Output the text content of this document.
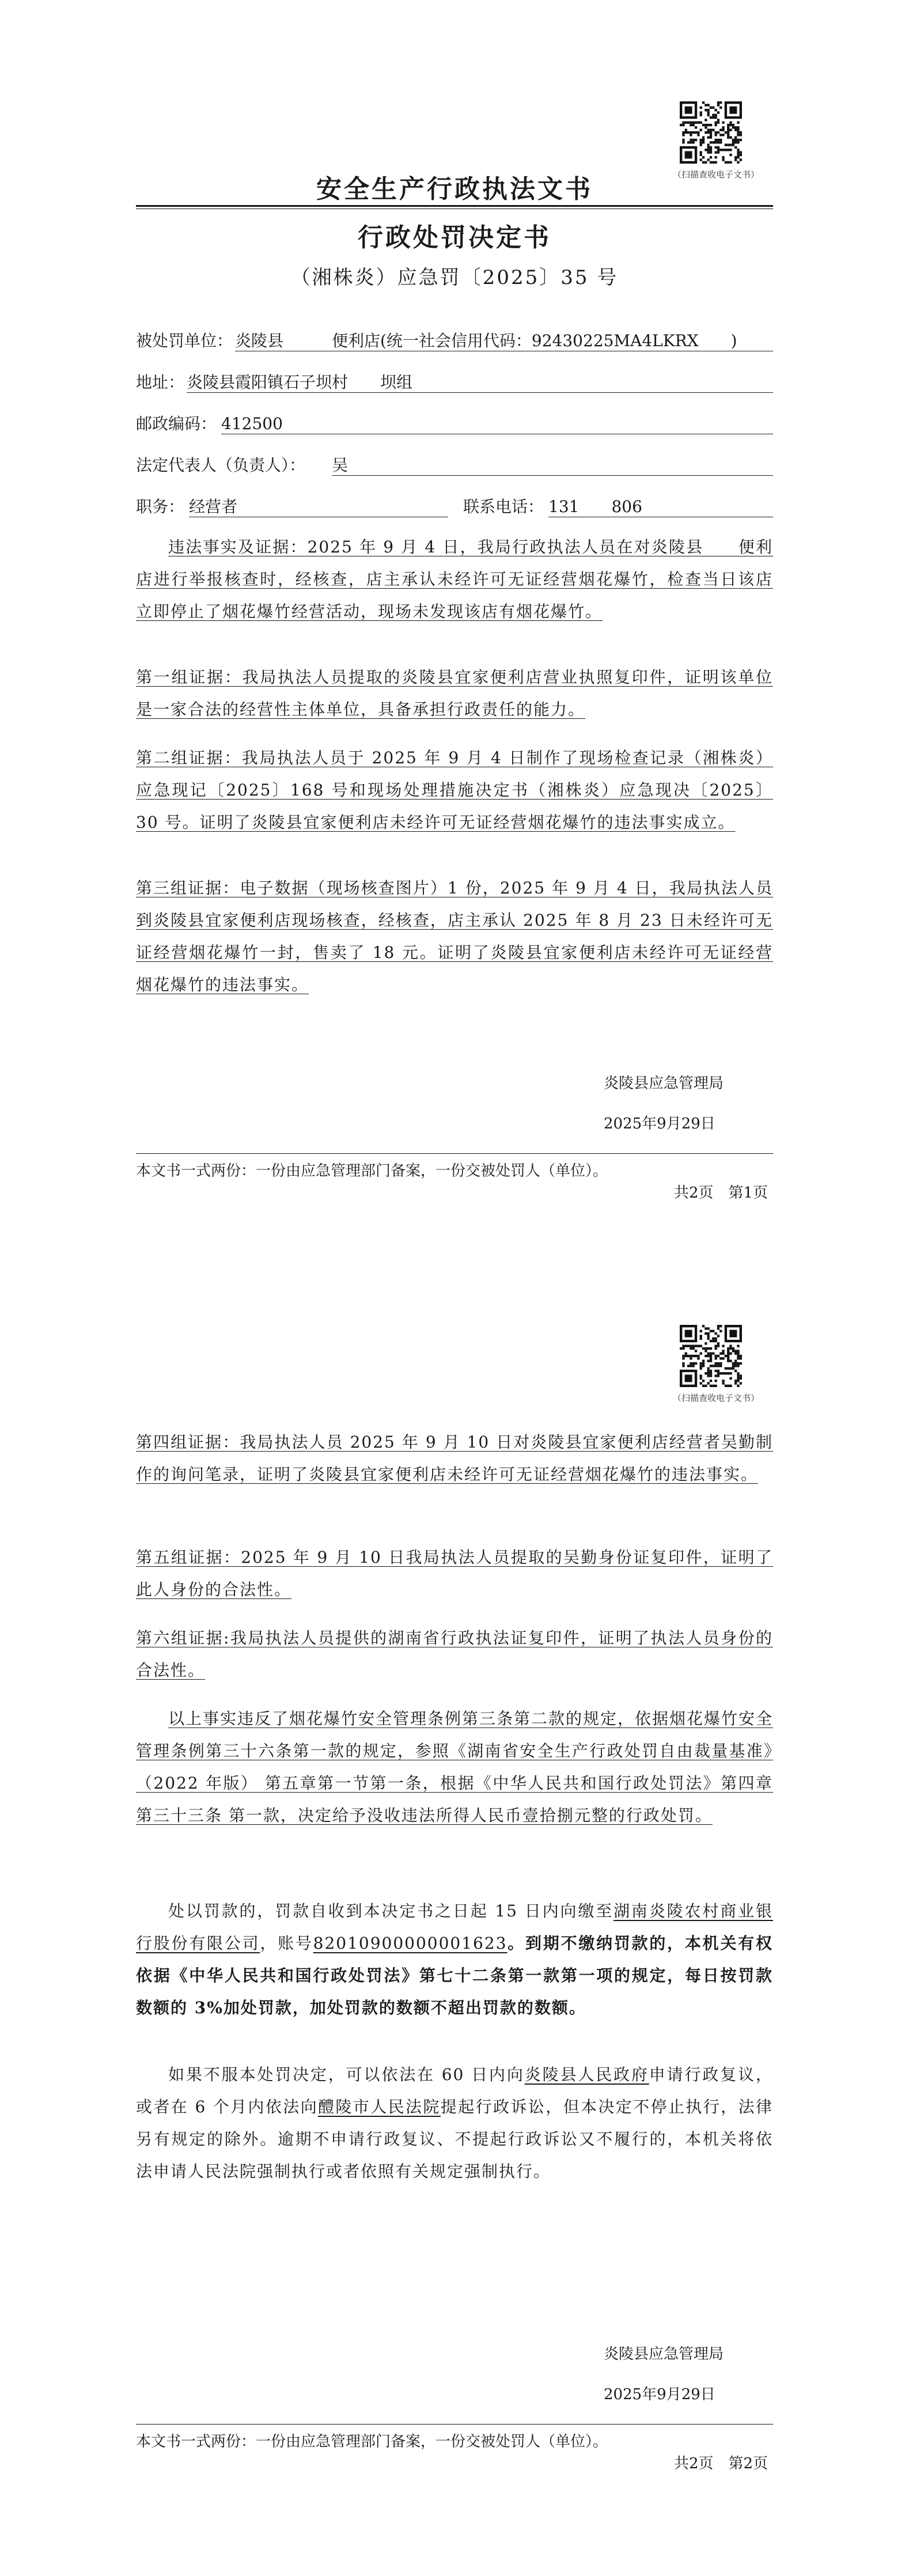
（扫描查收电子文书）
安全生产行政执法文书
行政处罚决定书
（湘株炎）应急罚〔2025〕35 号
被处罚单位： 炎陵县　　　便利店(统一社会信用代码：92430225MA4LKRX　　)
地址： 炎陵县霞阳镇石子坝村　　坝组
邮政编码： 412500
法定代表人（负责人）： 吴
职务： 经营者	联系电话： 131　　806
违法事实及证据：2025 年 9 月 4 日，我局行政执法人员在对炎陵县　　便利店进行举报核查时，经核查，店主承认未经许可无证经营烟花爆竹，检查当日该店立即停止了烟花爆竹经营活动，现场未发现该店有烟花爆竹。
第一组证据：我局执法人员提取的炎陵县宜家便利店营业执照复印件，证明该单位是一家合法的经营性主体单位，具备承担行政责任的能力。
第二组证据：我局执法人员于 2025 年 9 月 4 日制作了现场检查记录（湘株炎）应急现记〔2025〕168 号和现场处理措施决定书（湘株炎）应急现决〔2025〕30 号。证明了炎陵县宜家便利店未经许可无证经营烟花爆竹的违法事实成立。
第三组证据：电子数据（现场核查图片）1 份，2025 年 9 月 4 日，我局执法人员到炎陵县宜家便利店现场核查，经核查，店主承认 2025 年 8 月 23 日未经许可无证经营烟花爆竹一封，售卖了 18 元。证明了炎陵县宜家便利店未经许可无证经营烟花爆竹的违法事实。
炎陵县应急管理局
2025年9月29日
本文书一式两份：一份由应急管理部门备案，一份交被处罚人（单位）。
共2页　第1页
（扫描查收电子文书）
第四组证据：我局执法人员 2025 年 9 月 10 日对炎陵县宜家便利店经营者吴勤制作的询问笔录，证明了炎陵县宜家便利店未经许可无证经营烟花爆竹的违法事实。
第五组证据：2025 年 9 月 10 日我局执法人员提取的吴勤身份证复印件，证明了此人身份的合法性。
第六组证据:我局执法人员提供的湖南省行政执法证复印件，证明了执法人员身份的合法性。
以上事实违反了烟花爆竹安全管理条例第三条第二款的规定，依据烟花爆竹安全管理条例第三十六条第一款的规定，参照《湖南省安全生产行政处罚自由裁量基准》（2022 年版） 第五章第一节第一条，根据《中华人民共和国行政处罚法》第四章第三十三条 第一款，决定给予没收违法所得人民币壹拾捌元整的行政处罚。
处以罚款的，罚款自收到本决定书之日起 15 日内向缴至湖南炎陵农村商业银行股份有限公司，账号82010900000001623。到期不缴纳罚款的，本机关有权依据《中华人民共和国行政处罚法》第七十二条第一款第一项的规定，每日按罚款数额的 3%加处罚款，加处罚款的数额不超出罚款的数额。
如果不服本处罚决定，可以依法在 60 日内向炎陵县人民政府申请行政复议，或者在 6 个月内依法向醴陵市人民法院提起行政诉讼，但本决定不停止执行，法律另有规定的除外。逾期不申请行政复议、不提起行政诉讼又不履行的，本机关将依法申请人民法院强制执行或者依照有关规定强制执行。
炎陵县应急管理局
2025年9月29日
本文书一式两份：一份由应急管理部门备案，一份交被处罚人（单位）。
共2页　第2页
